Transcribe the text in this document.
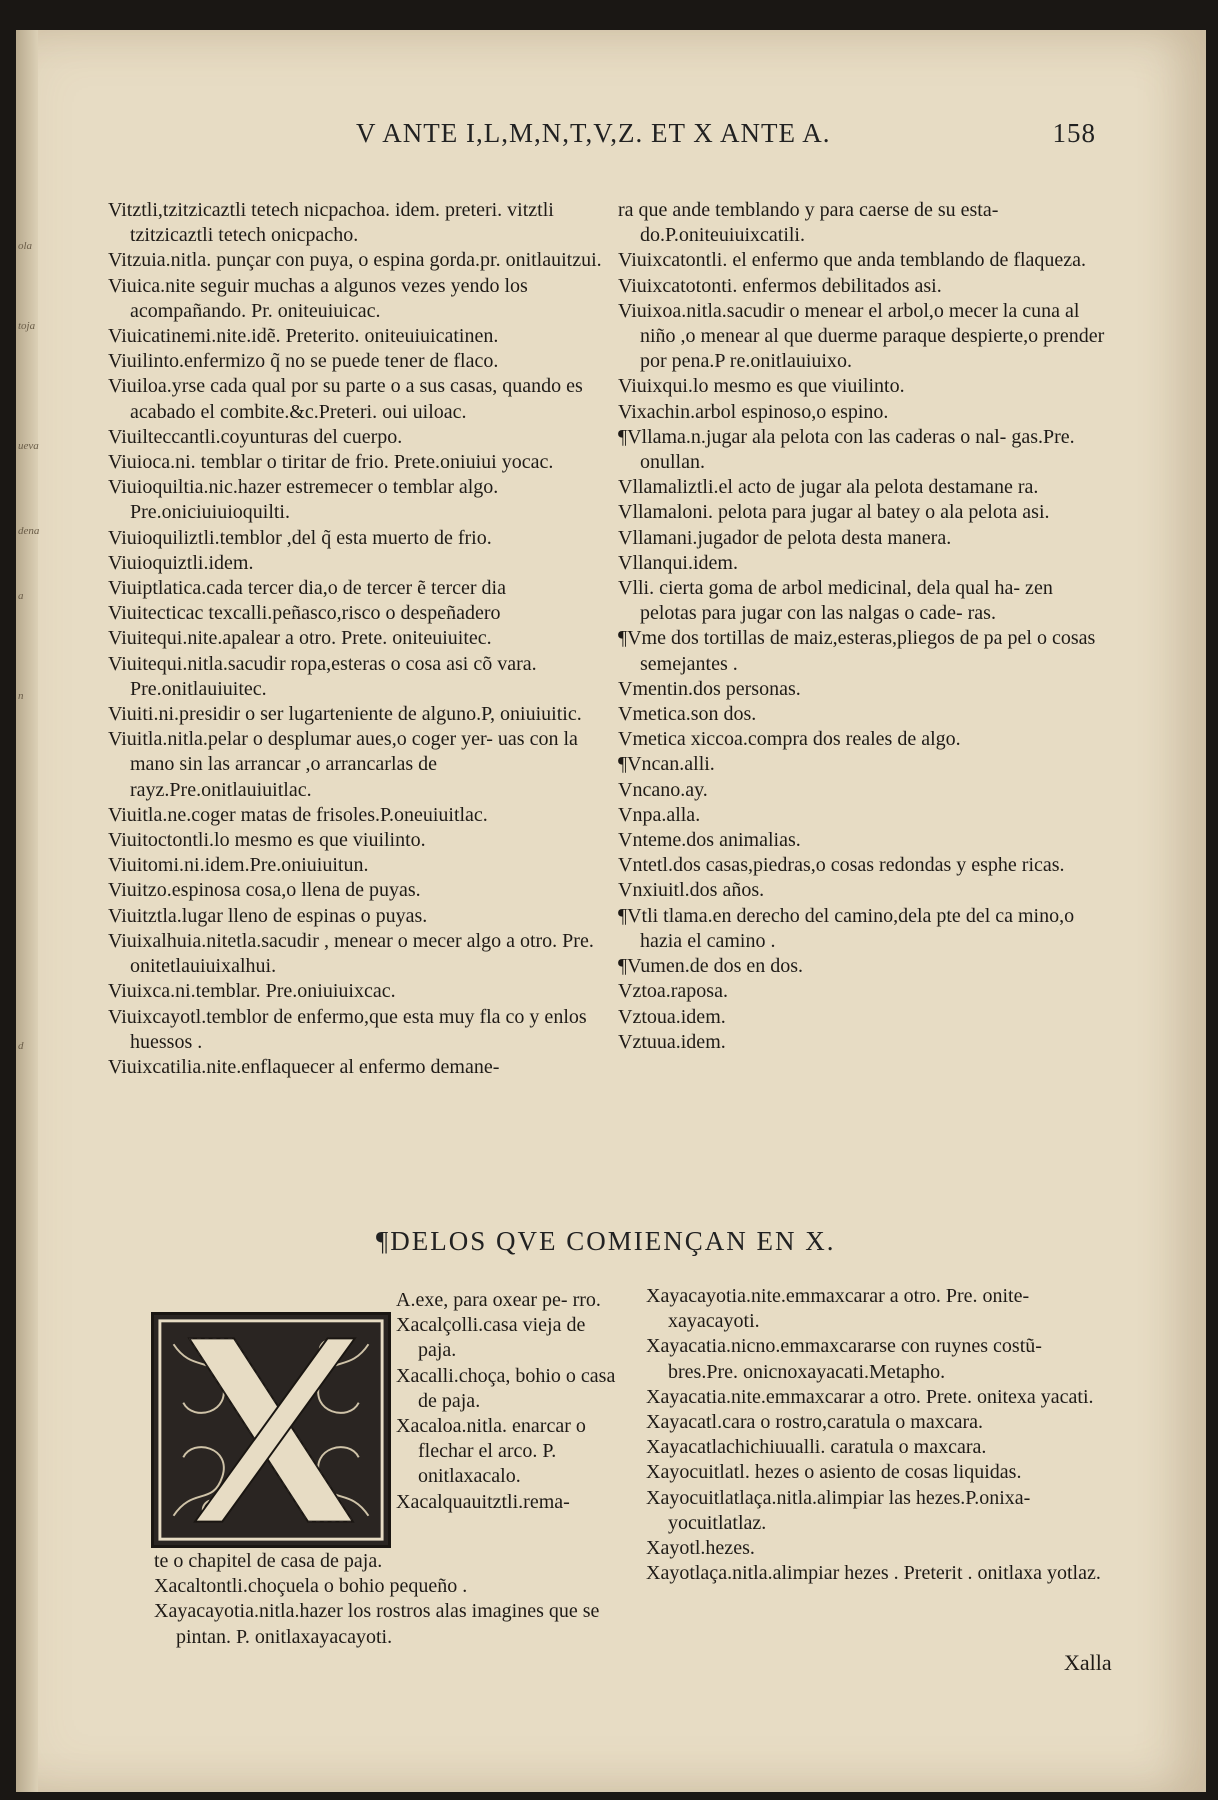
ola
toja
ueva
dena
a
n
d
V ANTE I,L,M,N,T,V,Z. ET X ANTE A.	158

Vitztli,tzitzicaztli tetech nicpachoa. idem. preteri. vitztli tzitzicaztli tetech onicpacho.

Vitzuia.nitla. punçar con puya, o espina gorda.pr. onitlauitzui.

Viuica.nite seguir muchas a algunos vezes yendo los acompañando. Pr. oniteuiuicac.

Viuicatinemi.nite.idẽ. Preterito. oniteuiuicatinen.

Viuilinto.enfermizo q̃ no se puede tener de flaco.

Viuiloa.yrse cada qual por su parte o a sus casas, quando es acabado el combite.&c.Preteri. oui uiloac.

Viuilteccantli.coyunturas del cuerpo.

Viuioca.ni. temblar o tiritar de frio. Prete.oniuiui yocac.

Viuioquiltia.nic.hazer estremecer o temblar algo. Pre.oniciuiuioquilti.

Viuioquiliztli.temblor ,del q̃ esta muerto de frio.

Viuioquiztli.idem.

Viuiptlatica.cada tercer dia,o de tercer ẽ tercer dia

Viuitecticac texcalli.peñasco,risco o despeñadero

Viuitequi.nite.apalear a otro. Prete. oniteuiuitec.

Viuitequi.nitla.sacudir ropa,esteras o cosa asi cõ vara. Pre.onitlauiuitec.

Viuiti.ni.presidir o ser lugarteniente de alguno.P, oniuiuitic.

Viuitla.nitla.pelar o desplumar aues,o coger yer- uas con la mano sin las arrancar ,o arrancarlas de rayz.Pre.onitlauiuitlac.

Viuitla.ne.coger matas de frisoles.P.oneuiuitlac.

Viuitoctontli.lo mesmo es que viuilinto.

Viuitomi.ni.idem.Pre.oniuiuitun.

Viuitzo.espinosa cosa,o llena de puyas.

Viuitztla.lugar lleno de espinas o puyas.

Viuixalhuia.nitetla.sacudir , menear o mecer algo a otro. Pre. onitetlauiuixalhui.

Viuixca.ni.temblar. Pre.oniuiuixcac.

Viuixcayotl.temblor de enfermo,que esta muy fla co y enlos huessos .

Viuixcatilia.nite.enflaquecer al enfermo demane-

ra que ande temblando y para caerse de su esta- do.P.oniteuiuixcatili.

Viuixcatontli. el enfermo que anda temblando de flaqueza.

Viuixcatotonti. enfermos debilitados asi.

Viuixoa.nitla.sacudir o menear el arbol,o mecer la cuna al niño ,o menear al que duerme paraque despierte,o prender por pena.P re.onitlauiuixo.

Viuixqui.lo mesmo es que viuilinto.

Vixachin.arbol espinoso,o espino.

¶Vllama.n.jugar ala pelota con las caderas o nal- gas.Pre. onullan.

Vllamaliztli.el acto de jugar ala pelota destamane ra.

Vllamaloni. pelota para jugar al batey o ala pelota asi.

Vllamani.jugador de pelota desta manera.

Vllanqui.idem.

Vlli. cierta goma de arbol medicinal, dela qual ha- zen pelotas para jugar con las nalgas o cade- ras.

¶Vme dos tortillas de maiz,esteras,pliegos de pa pel o cosas semejantes .

Vmentin.dos personas.

Vmetica.son dos.

Vmetica xiccoa.compra dos reales de algo.

¶Vncan.alli.

Vncano.ay.

Vnpa.alla.

Vnteme.dos animalias.

Vntetl.dos casas,piedras,o cosas redondas y esphe ricas.

Vnxiuitl.dos años.

¶Vtli tlama.en derecho del camino,dela pte del ca mino,o hazia el camino .

¶Vumen.de dos en dos.

Vztoa.raposa.

Vztoua.idem.

Vztuua.idem.

¶DELOS QVE COMIENÇAN EN X.
X

A.exe, para oxear pe- rro.

Xacalçolli.casa vieja de paja.

Xacalli.choça, bohio o casa de paja.

Xacaloa.nitla. enarcar o flechar el arco. P. onitlaxacalo.

Xacalquauitztli.rema-

te o chapitel de casa de paja.

Xacaltontli.choçuela o bohio pequeño .

Xayacayotia.nitla.hazer los rostros alas imagines que se pintan. P. onitlaxayacayoti.

Xayacayotia.nite.emmaxcarar a otro. Pre. onite- xayacayoti.

Xayacatia.nicno.emmaxcararse con ruynes costũ- bres.Pre. onicnoxayacati.Metapho.

Xayacatia.nite.emmaxcarar a otro. Prete. onitexa yacati.

Xayacatl.cara o rostro,caratula o maxcara.

Xayacatlachichiuualli. caratula o maxcara.

Xayocuitlatl. hezes o asiento de cosas liquidas.

Xayocuitlatlaça.nitla.alimpiar las hezes.P.onixa- yocuitlatlaz.

Xayotl.hezes.

Xayotlaça.nitla.alimpiar hezes . Preterit . onitlaxa yotlaz.

Xalla
